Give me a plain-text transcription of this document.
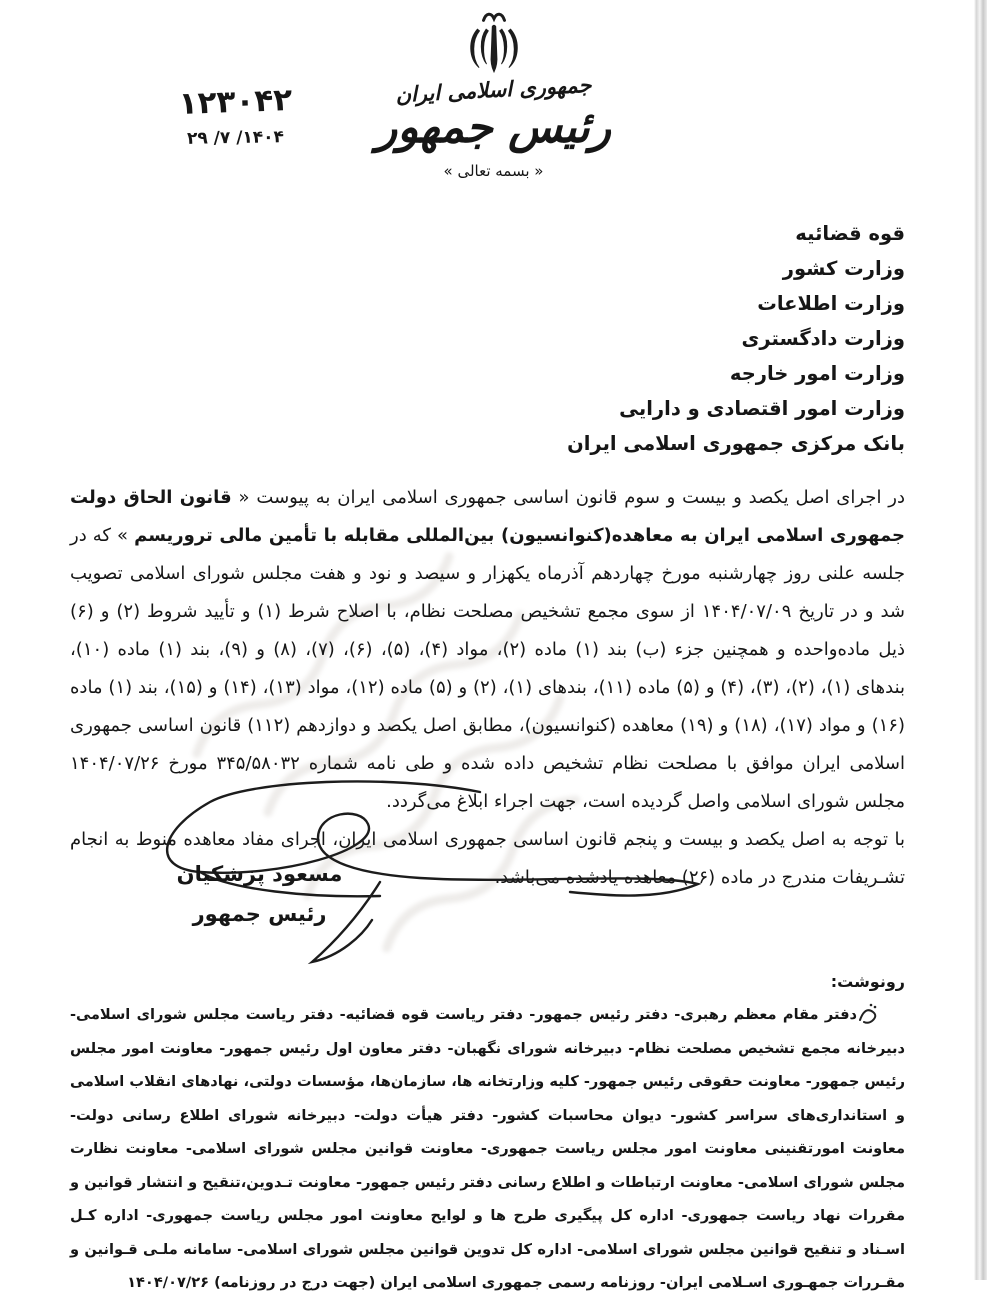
جمهوری اسلامی ایران
رئیس جمهور
« بسمه تعالی »
۱۲۳۰۴۲
۱۴۰۴/ ۷/ ۲۹
قوه قضائیه
وزارت کشور
وزارت اطلاعات
وزارت دادگستری
وزارت امور خارجه
وزارت امور اقتصادی و دارایی
بانک مرکزی جمهوری اسلامی ایران

در اجرای اصل یکصد و بیست و سوم قانون اساسی جمهوری اسلامی ایران به پیوست « قانون الحاق دولت جمهوری اسلامی ایران به معاهده(کنوانسیون) بین‌المللی مقابله با تأمین مالی تروریسم » که در جلسه علنی روز چهارشنبه مورخ چهاردهم آذرماه یکهزار و سیصد و نود و هفت مجلس شورای اسلامی تصویب شد و در تاریخ ۱۴۰۴/۰۷/۰۹ از سوی مجمع تشخیص مصلحت نظام، با اصلاح شرط (۱) و تأیید شروط (۲) و (۶) ذیل ماده‌واحده و همچنین جزء (ب) بند (۱) ماده (۲)، مواد (۴)، (۵)، (۶)، (۷)، (۸) و (۹)، بند (۱) ماده (۱۰)، بندهای (۱)، (۲)، (۳)، (۴) و (۵) ماده (۱۱)، بندهای (۱)، (۲) و (۵) ماده (۱۲)، مواد (۱۳)، (۱۴) و (۱۵)، بند (۱) ماده (۱۶) و مواد (۱۷)، (۱۸) و (۱۹) معاهده (کنوانسیون)، مطابق اصل یکصد و دوازدهم (۱۱۲) قانون اساسی جمهوری اسلامی ایران موافق با مصلحت نظام تشخیص داده شده و طی نامه شماره ۳۴۵/۵۸۰۳۲ مورخ ۱۴۰۴/۰۷/۲۶ مجلس شورای اسلامی واصل گردیده است، جهت اجراء ابلاغ می‌گردد.

با توجه به اصل یکصد و بیست و پنجم قانون اساسی جمهوری اسلامی ایران، اجرای مفاد معاهده منوط به انجام تشـریفات مندرج در ماده (۲۶) معاهده یادشده می‌باشد.

مسعود پزشکیان
رئیس جمهور
رونوشت:

دفتر مقام معظم رهبری- دفتر رئیس جمهور- دفتر ریاست قوه قضائیه- دفتر ریاست مجلس شورای اسلامی- دبیرخانه مجمع تشخیص مصلحت نظام- دبیرخانه شورای نگهبان- دفتر معاون اول رئیس جمهور- معاونت امور مجلس رئیس جمهور- معاونت حقوقی رئیس جمهور- کلیه وزارتخانه ها، سازمان‌ها، مؤسسات دولتی، نهادهای انقلاب اسلامی و استانداری‌های سراسر کشور- دیوان محاسبات کشور- دفتر هیأت دولت- دبیرخانه شورای اطلاع رسانی دولت- معاونت امورتقنینی معاونت امور مجلس ریاست جمهوری- معاونت قوانین مجلس شورای اسلامی- معاونت نظارت مجلس شورای اسلامی- معاونت ارتباطات و اطلاع رسانی دفتر رئیس جمهور- معاونت تـدوین،تنقیح و انتشار قوانین و مقررات نهاد ریاست جمهوری- اداره کل پیگیری طرح ها و لوایح معاونت امور مجلس ریاست جمهوری- اداره کـل اسـناد و تنقیح قوانین مجلس شورای اسلامی- اداره کل تدوین قوانین مجلس شورای اسلامی- سامانه ملـی قـوانین و مقـررات جمهـوری اسـلامی ایران- روزنامه رسمی جمهوری اسلامی ایران (جهت درج در روزنامه) ۱۴۰۴/۰۷/۲۶
